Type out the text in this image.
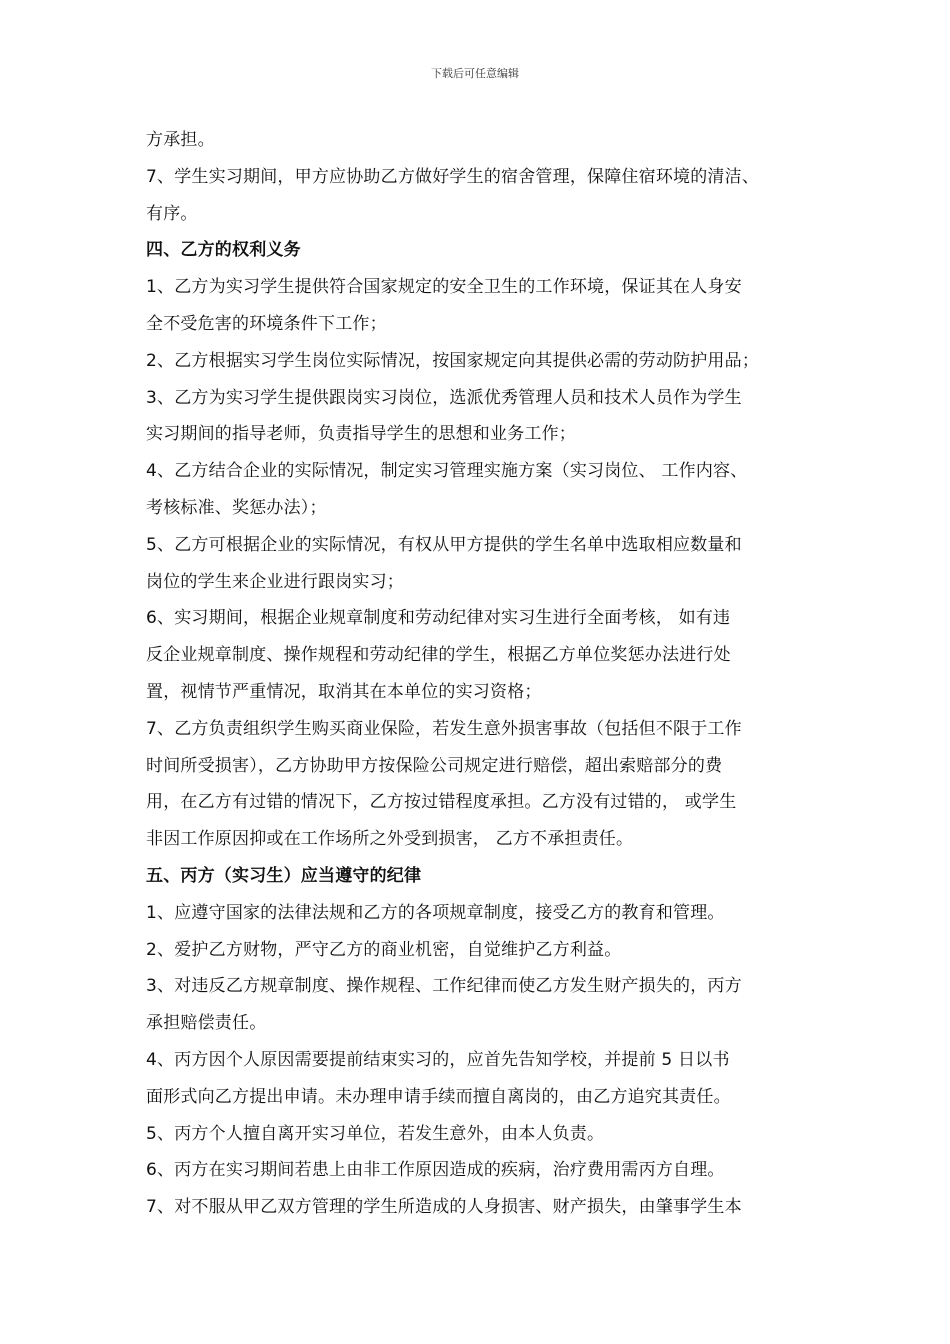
下载后可任意编辑
方承担。
7、学生实习期间，甲方应协助乙方做好学生的宿舍管理，保障住宿环境的清洁、
有序。
四、乙方的权利义务
1、乙方为实习学生提供符合国家规定的安全卫生的工作环境，保证其在人身安
全不受危害的环境条件下工作；
2、乙方根据实习学生岗位实际情况，按国家规定向其提供必需的劳动防护用品；
3、乙方为实习学生提供跟岗实习岗位，选派优秀管理人员和技术人员作为学生
实习期间的指导老师，负责指导学生的思想和业务工作；
4、乙方结合企业的实际情况，制定实习管理实施方案（实习岗位、 工作内容、
考核标准、奖惩办法）；
5、乙方可根据企业的实际情况，有权从甲方提供的学生名单中选取相应数量和
岗位的学生来企业进行跟岗实习；
6、实习期间，根据企业规章制度和劳动纪律对实习生进行全面考核， 如有违
反企业规章制度、操作规程和劳动纪律的学生，根据乙方单位奖惩办法进行处
置，视情节严重情况，取消其在本单位的实习资格；
7、乙方负责组织学生购买商业保险，若发生意外损害事故（包括但不限于工作
时间所受损害），乙方协助甲方按保险公司规定进行赔偿，超出索赔部分的费
用，在乙方有过错的情况下，乙方按过错程度承担。乙方没有过错的， 或学生
非因工作原因抑或在工作场所之外受到损害， 乙方不承担责任。
五、丙方（实习生）应当遵守的纪律
1、应遵守国家的法律法规和乙方的各项规章制度，接受乙方的教育和管理。
2、爱护乙方财物，严守乙方的商业机密，自觉维护乙方利益。
3、对违反乙方规章制度、操作规程、工作纪律而使乙方发生财产损失的，丙方
承担赔偿责任。
4、丙方因个人原因需要提前结束实习的，应首先告知学校，并提前 5 日以书
面形式向乙方提出申请。未办理申请手续而擅自离岗的，由乙方追究其责任。
5、丙方个人擅自离开实习单位，若发生意外，由本人负责。
6、丙方在实习期间若患上由非工作原因造成的疾病，治疗费用需丙方自理。
7、对不服从甲乙双方管理的学生所造成的人身损害、财产损失，由肇事学生本
